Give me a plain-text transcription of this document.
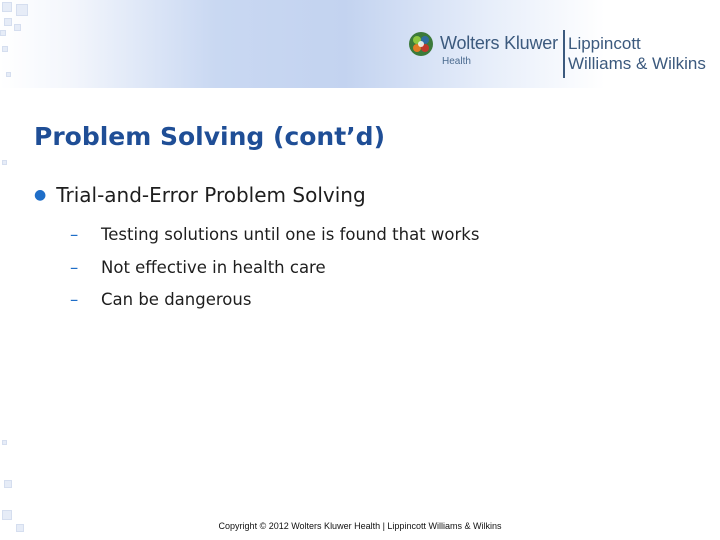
Wolters Kluwer
Health
Lippincott
Williams & Wilkins
Problem Solving (cont’d)
● Trial-and-Error Problem Solving
– Testing solutions until one is found that works
– Not effective in health care
– Can be dangerous
Copyright © 2012 Wolters Kluwer Health | Lippincott Williams & Wilkins
